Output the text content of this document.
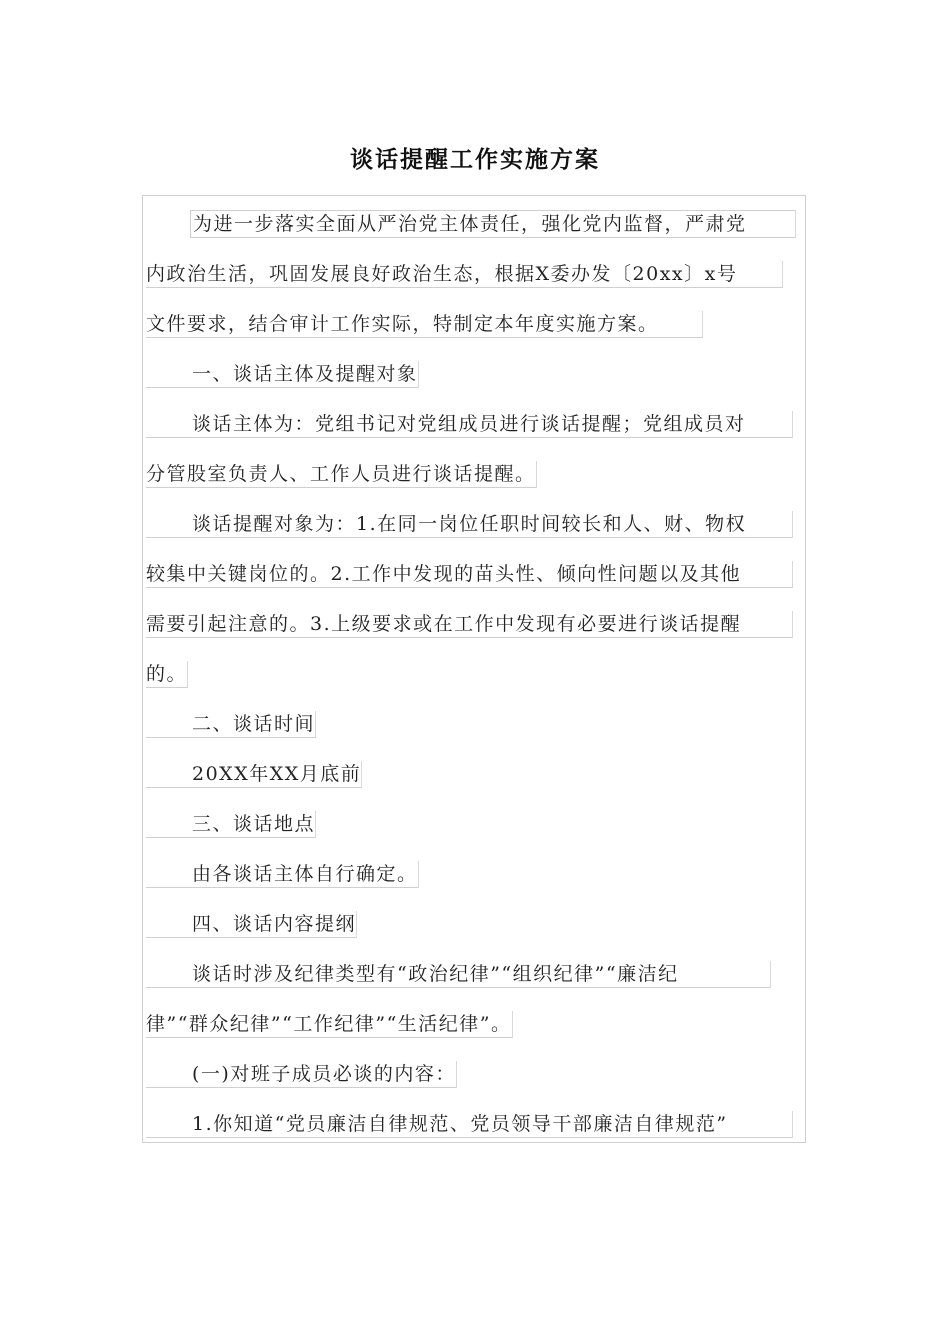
谈话提醒工作实施方案
为进一步落实全面从严治党主体责任，强化党内监督，严肃党
内政治生活，巩固发展良好政治生态，根据X委办发〔20xx〕x号
文件要求，结合审计工作实际，特制定本年度实施方案。
一、谈话主体及提醒对象
谈话主体为：党组书记对党组成员进行谈话提醒；党组成员对
分管股室负责人、工作人员进行谈话提醒。
谈话提醒对象为：1.在同一岗位任职时间较长和人、财、物权
较集中关键岗位的。2.工作中发现的苗头性、倾向性问题以及其他
需要引起注意的。3.上级要求或在工作中发现有必要进行谈话提醒
的。
二、谈话时间
20XX年XX月底前
三、谈话地点
由各谈话主体自行确定。
四、谈话内容提纲
谈话时涉及纪律类型有“政治纪律”“组织纪律”“廉洁纪
律”“群众纪律”“工作纪律”“生活纪律”。
(一)对班子成员必谈的内容：
1.你知道“党员廉洁自律规范、党员领导干部廉洁自律规范”
